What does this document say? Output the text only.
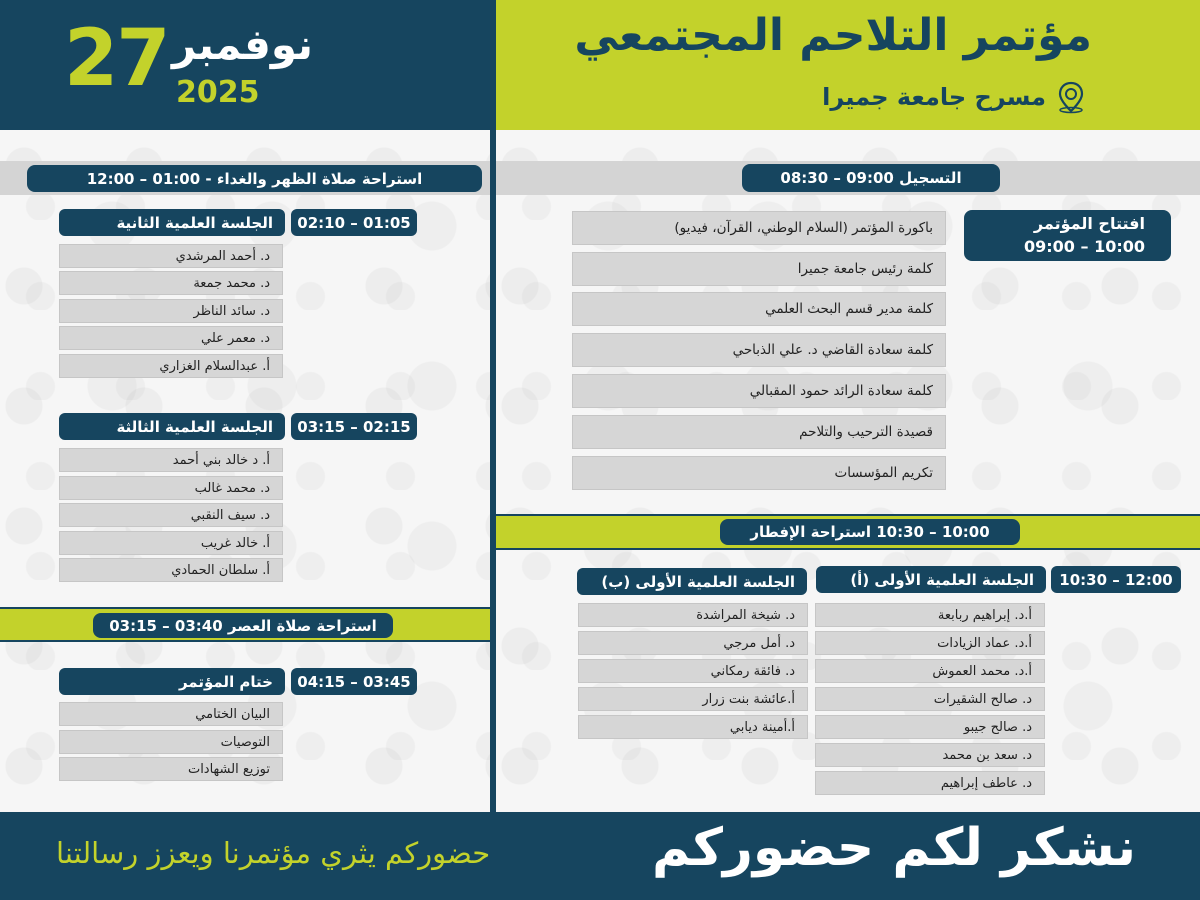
27 نوفمبر
2025
مؤتمر التلاحم المجتمعي
مسرح جامعة جميرا
التسجيل 09:00 – 08:30
افتتاح المؤتمر
09:00 – 10:00
باكورة المؤتمر (السلام الوطني، القرآن، فيديو)
كلمة رئيس جامعة جميرا
كلمة مدير قسم البحث العلمي
كلمة سعادة القاضي د. علي الذباحي
كلمة سعادة الرائد حمود المقبالي
قصيدة الترحيب والتلاحم
تكريم المؤسسات
10:00 – 10:30 استراحة الإفطار
10:30 – 12:00
الجلسة العلمية الأولى (أ)
الجلسة العلمية الأولى (ب)
أ.د. إبراهيم ربابعة
أ.د. عماد الزيادات
أ.د. محمد العموش
د. صالح الشقيرات
د. صالح جيبو
د. سعد بن محمد
د. عاطف إبراهيم
د. شيخة المراشدة
د. أمل مرجي
د. فائقة رمكاني
أ.عائشة بنت زرار
أ.أمينة ديابي
استراحة صلاة الظهر والغداء - 01:00 – 12:00
02:10 – 01:05
الجلسة العلمية الثانية
د. أحمد المرشدي
د. محمد جمعة
د. سائد الناظر
د. معمر علي
أ. عبدالسلام الغزاري
03:15 – 02:15
الجلسة العلمية الثالثة
أ. د خالد بني أحمد
د. محمد غالب
د. سيف النقبي
أ. خالد غريب
أ. سلطان الحمادي
استراحة صلاة العصر 03:40 – 03:15
04:15 – 03:45
ختام المؤتمر
البيان الختامي
التوصيات
توزيع الشهادات
نشكر لكم حضوركم
حضوركم يثري مؤتمرنا ويعزز رسالتنا
